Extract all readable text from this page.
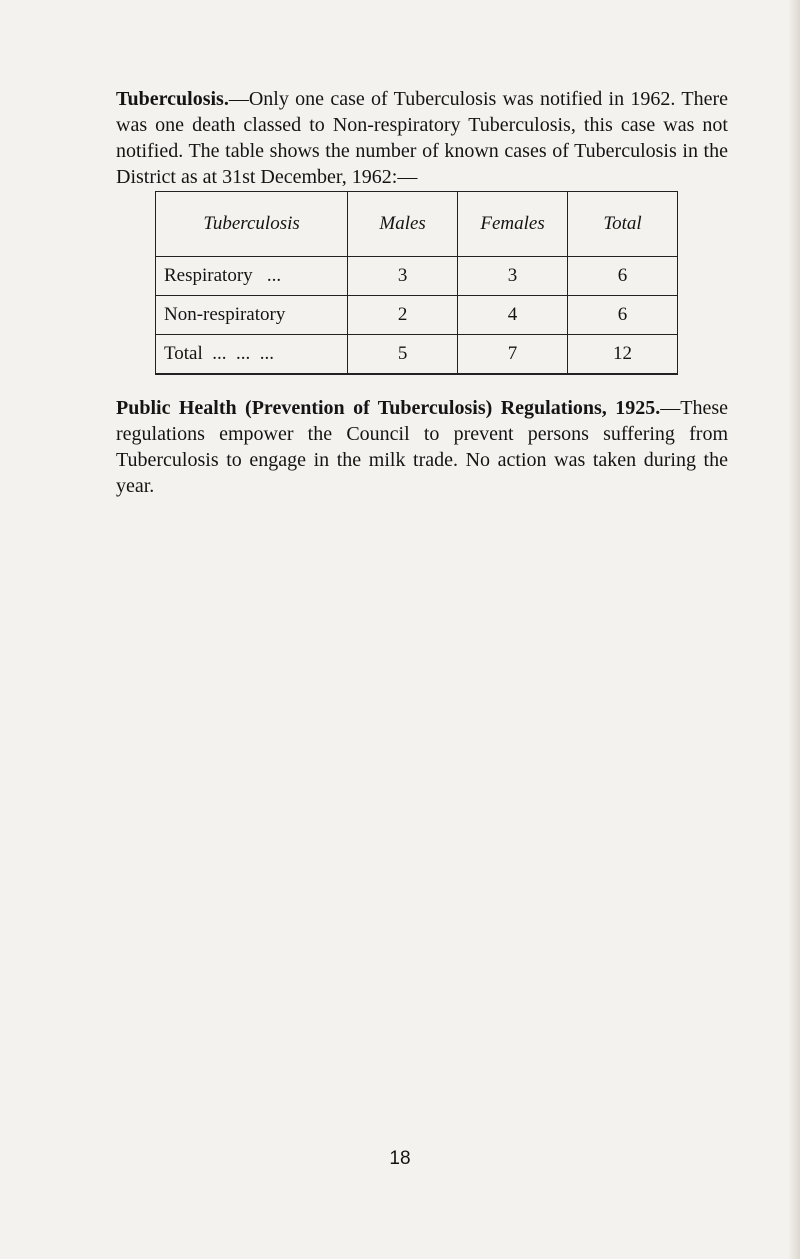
Tuberculosis.—Only one case of Tuberculosis was notified in 1962. There was one death classed to Non-respiratory Tuberculosis, this case was not notified. The table shows the number of known cases of Tuberculosis in the District as at 31st December, 1962:—

Tuberculosis	Males	Females	Total
Respiratory   ...	3	3	6
Non-respiratory	2	4	6
Total  ...  ...  ...	5	7	12

Public Health (Prevention of Tuberculosis) Regulations, 1925.—These regulations empower the Council to prevent persons suffering from Tuberculosis to engage in the milk trade. No action was taken during the year.

18
